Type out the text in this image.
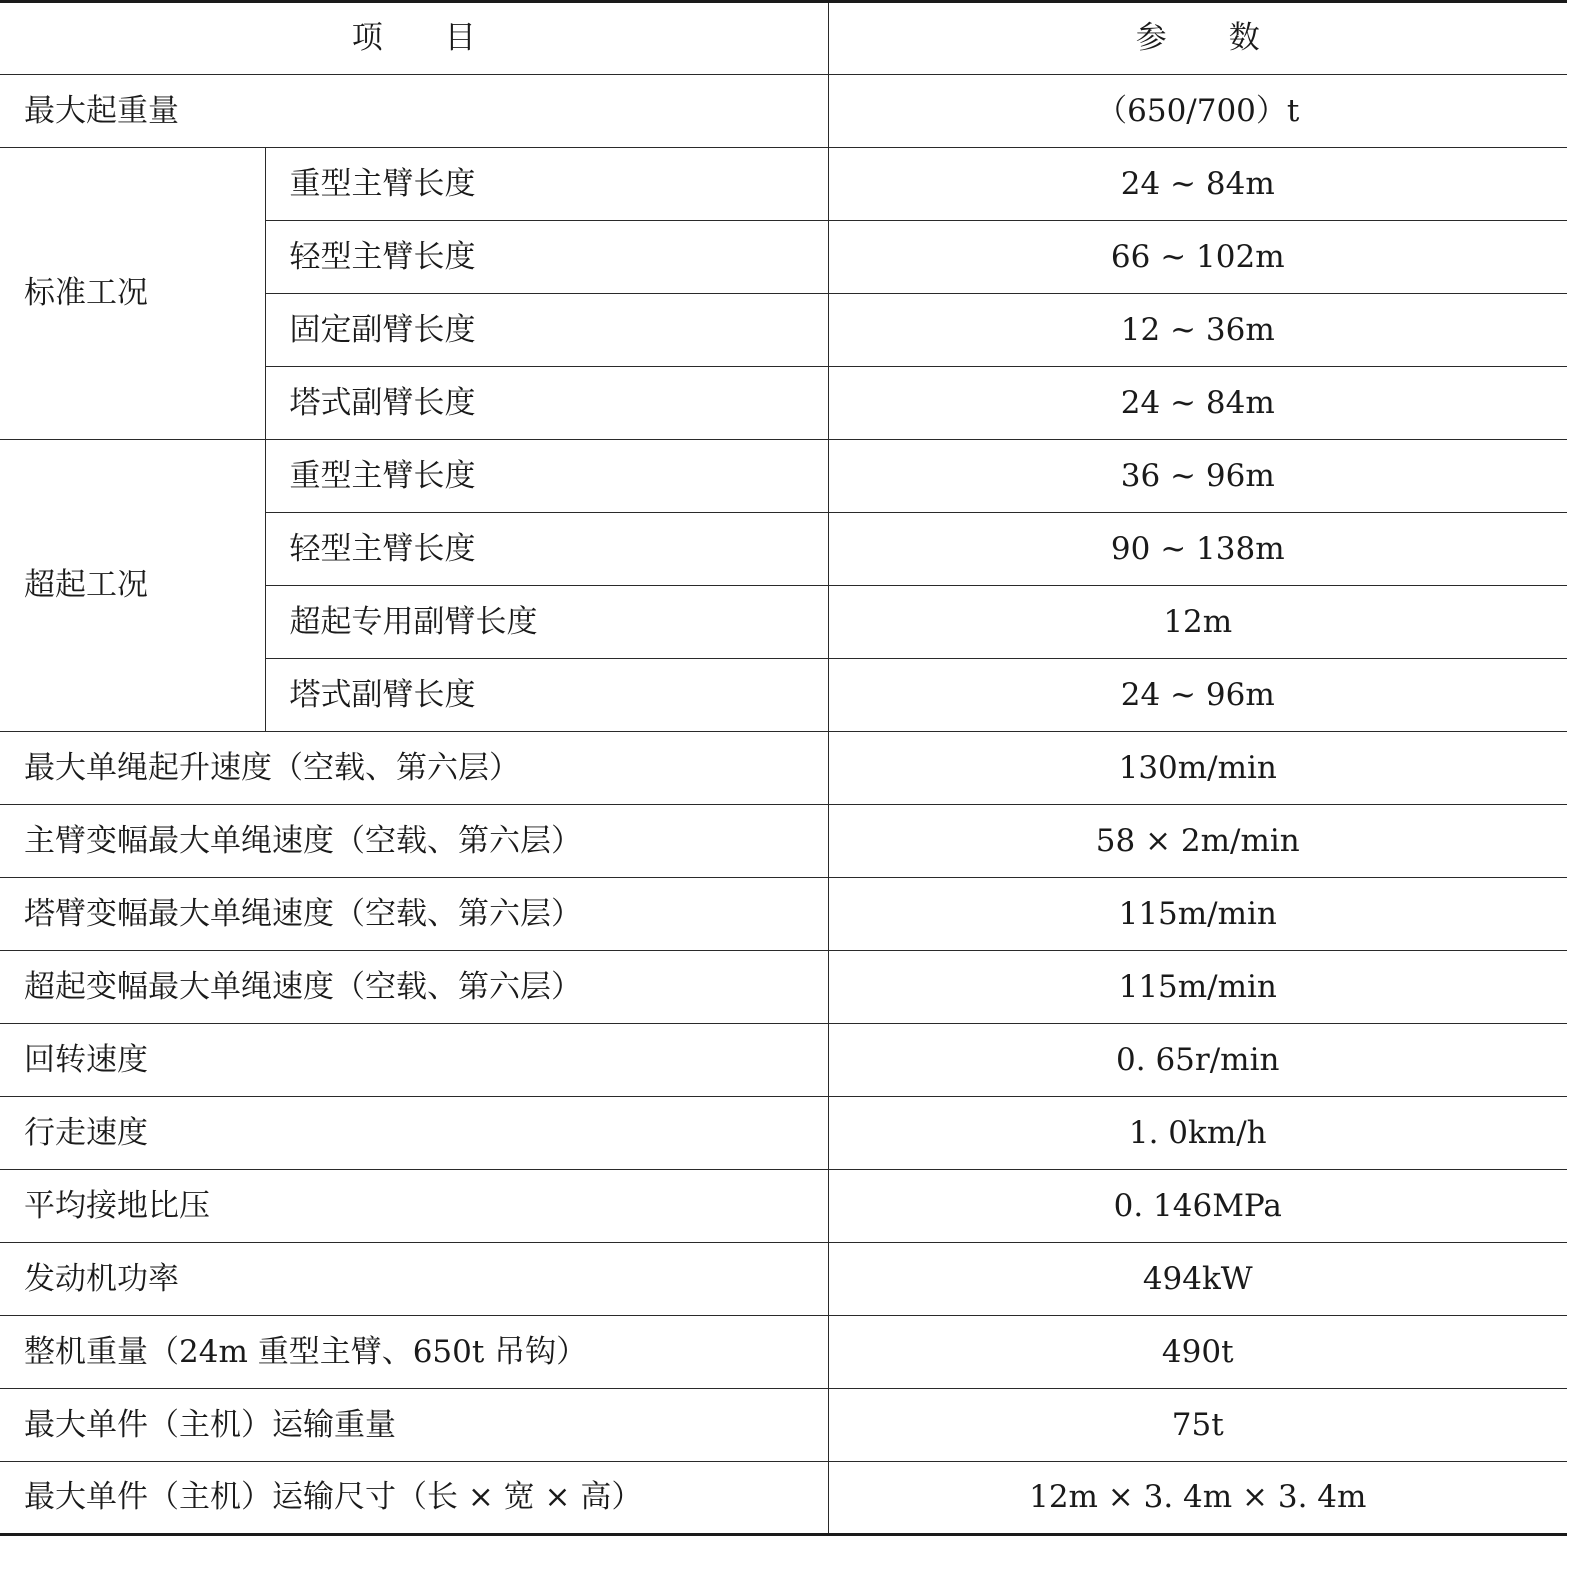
项　　目		参　　数
最大起重量		（650/700）t
标准工况	重型主臂长度	24 ~ 84m
	轻型主臂长度	66 ~ 102m
	固定副臂长度	12 ~ 36m
	塔式副臂长度	24 ~ 84m
超起工况	重型主臂长度	36 ~ 96m
	轻型主臂长度	90 ~ 138m
	超起专用副臂长度	12m
	塔式副臂长度	24 ~ 96m
最大单绳起升速度（空载、第六层）		130m/min
主臂变幅最大单绳速度（空载、第六层）		58 × 2m/min
塔臂变幅最大单绳速度（空载、第六层）		115m/min
超起变幅最大单绳速度（空载、第六层）		115m/min
回转速度		0. 65r/min
行走速度		1. 0km/h
平均接地比压		0. 146MPa
发动机功率		494kW
整机重量（24m 重型主臂、650t 吊钩）		490t
最大单件（主机）运输重量		75t
最大单件（主机）运输尺寸（长 × 宽 × 高）		12m × 3. 4m × 3. 4m
